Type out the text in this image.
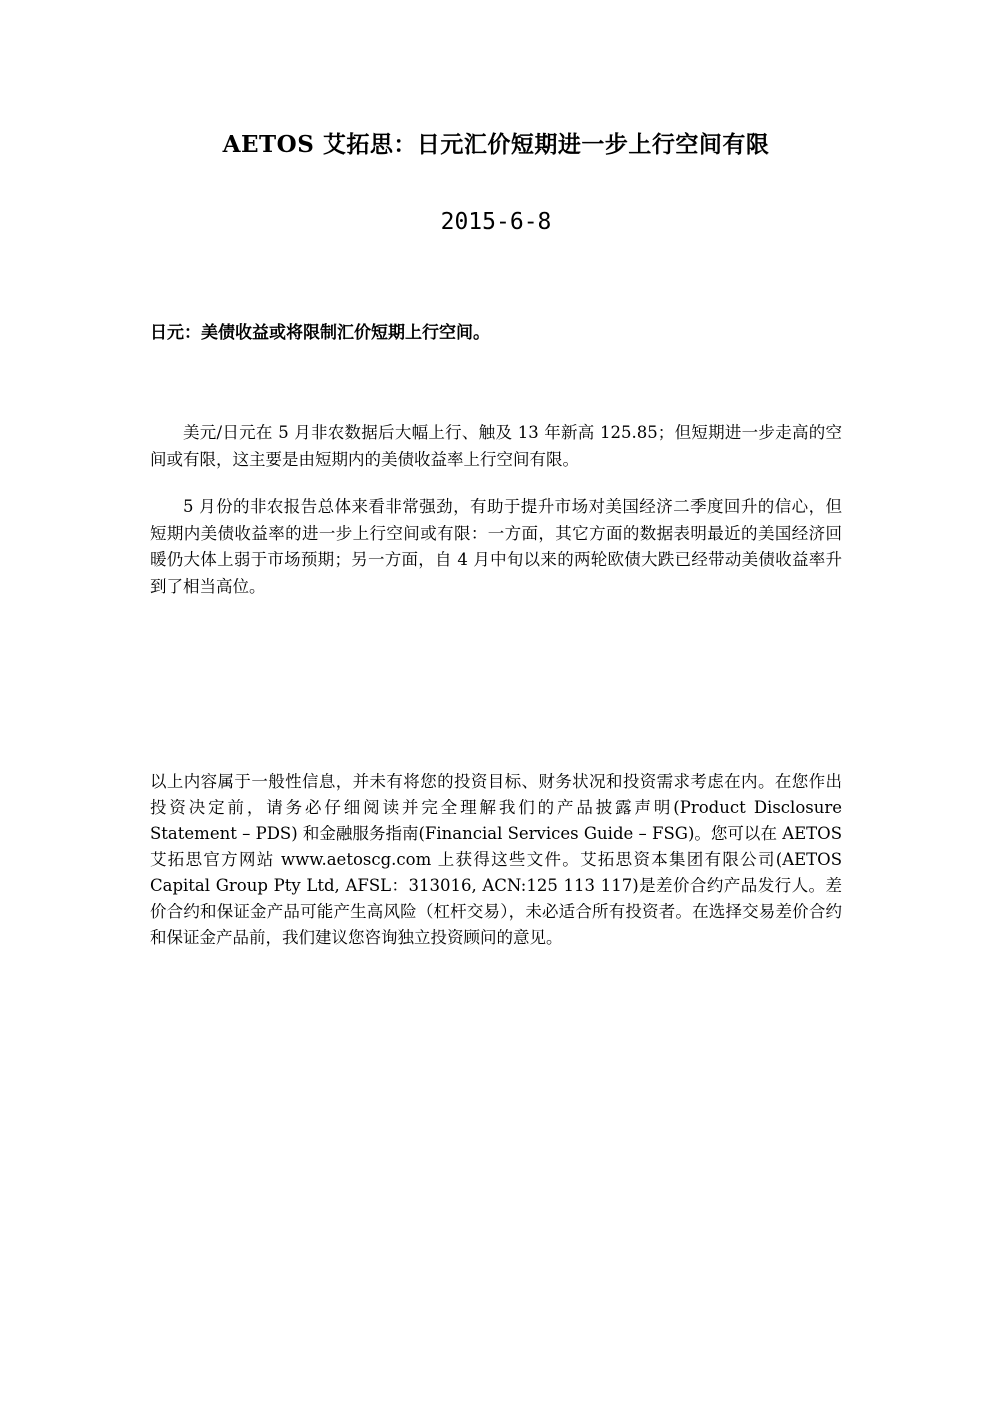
AETOS 艾拓思：日元汇价短期进一步上行空间有限
2015-6-8
日元：美债收益或将限制汇价短期上行空间。

美元/日元在 5 月非农数据后大幅上行、触及 13 年新高 125.85；但短期进一步走高的空间或有限，这主要是由短期内的美债收益率上行空间有限。

5 月份的非农报告总体来看非常强劲，有助于提升市场对美国经济二季度回升的信心，但短期内美债收益率的进一步上行空间或有限：一方面，其它方面的数据表明最近的美国经济回暖仍大体上弱于市场预期；另一方面，自 4 月中旬以来的两轮欧债大跌已经带动美债收益率升到了相当高位。

以上内容属于一般性信息，并未有将您的投资目标、财务状况和投资需求考虑在内。在您作出投资决定前，请务必仔细阅读并完全理解我们的产品披露声明(Product Disclosure Statement – PDS) 和金融服务指南(Financial Services Guide – FSG)。您可以在 AETOS 艾拓思官方网站 www.aetoscg.com 上获得这些文件。艾拓思资本集团有限公司(AETOS Capital Group Pty Ltd, AFSL：313016, ACN:125 113 117)是差价合约产品发行人。差价合约和保证金产品可能产生高风险（杠杆交易），未必适合所有投资者。在选择交易差价合约和保证金产品前，我们建议您咨询独立投资顾问的意见。
